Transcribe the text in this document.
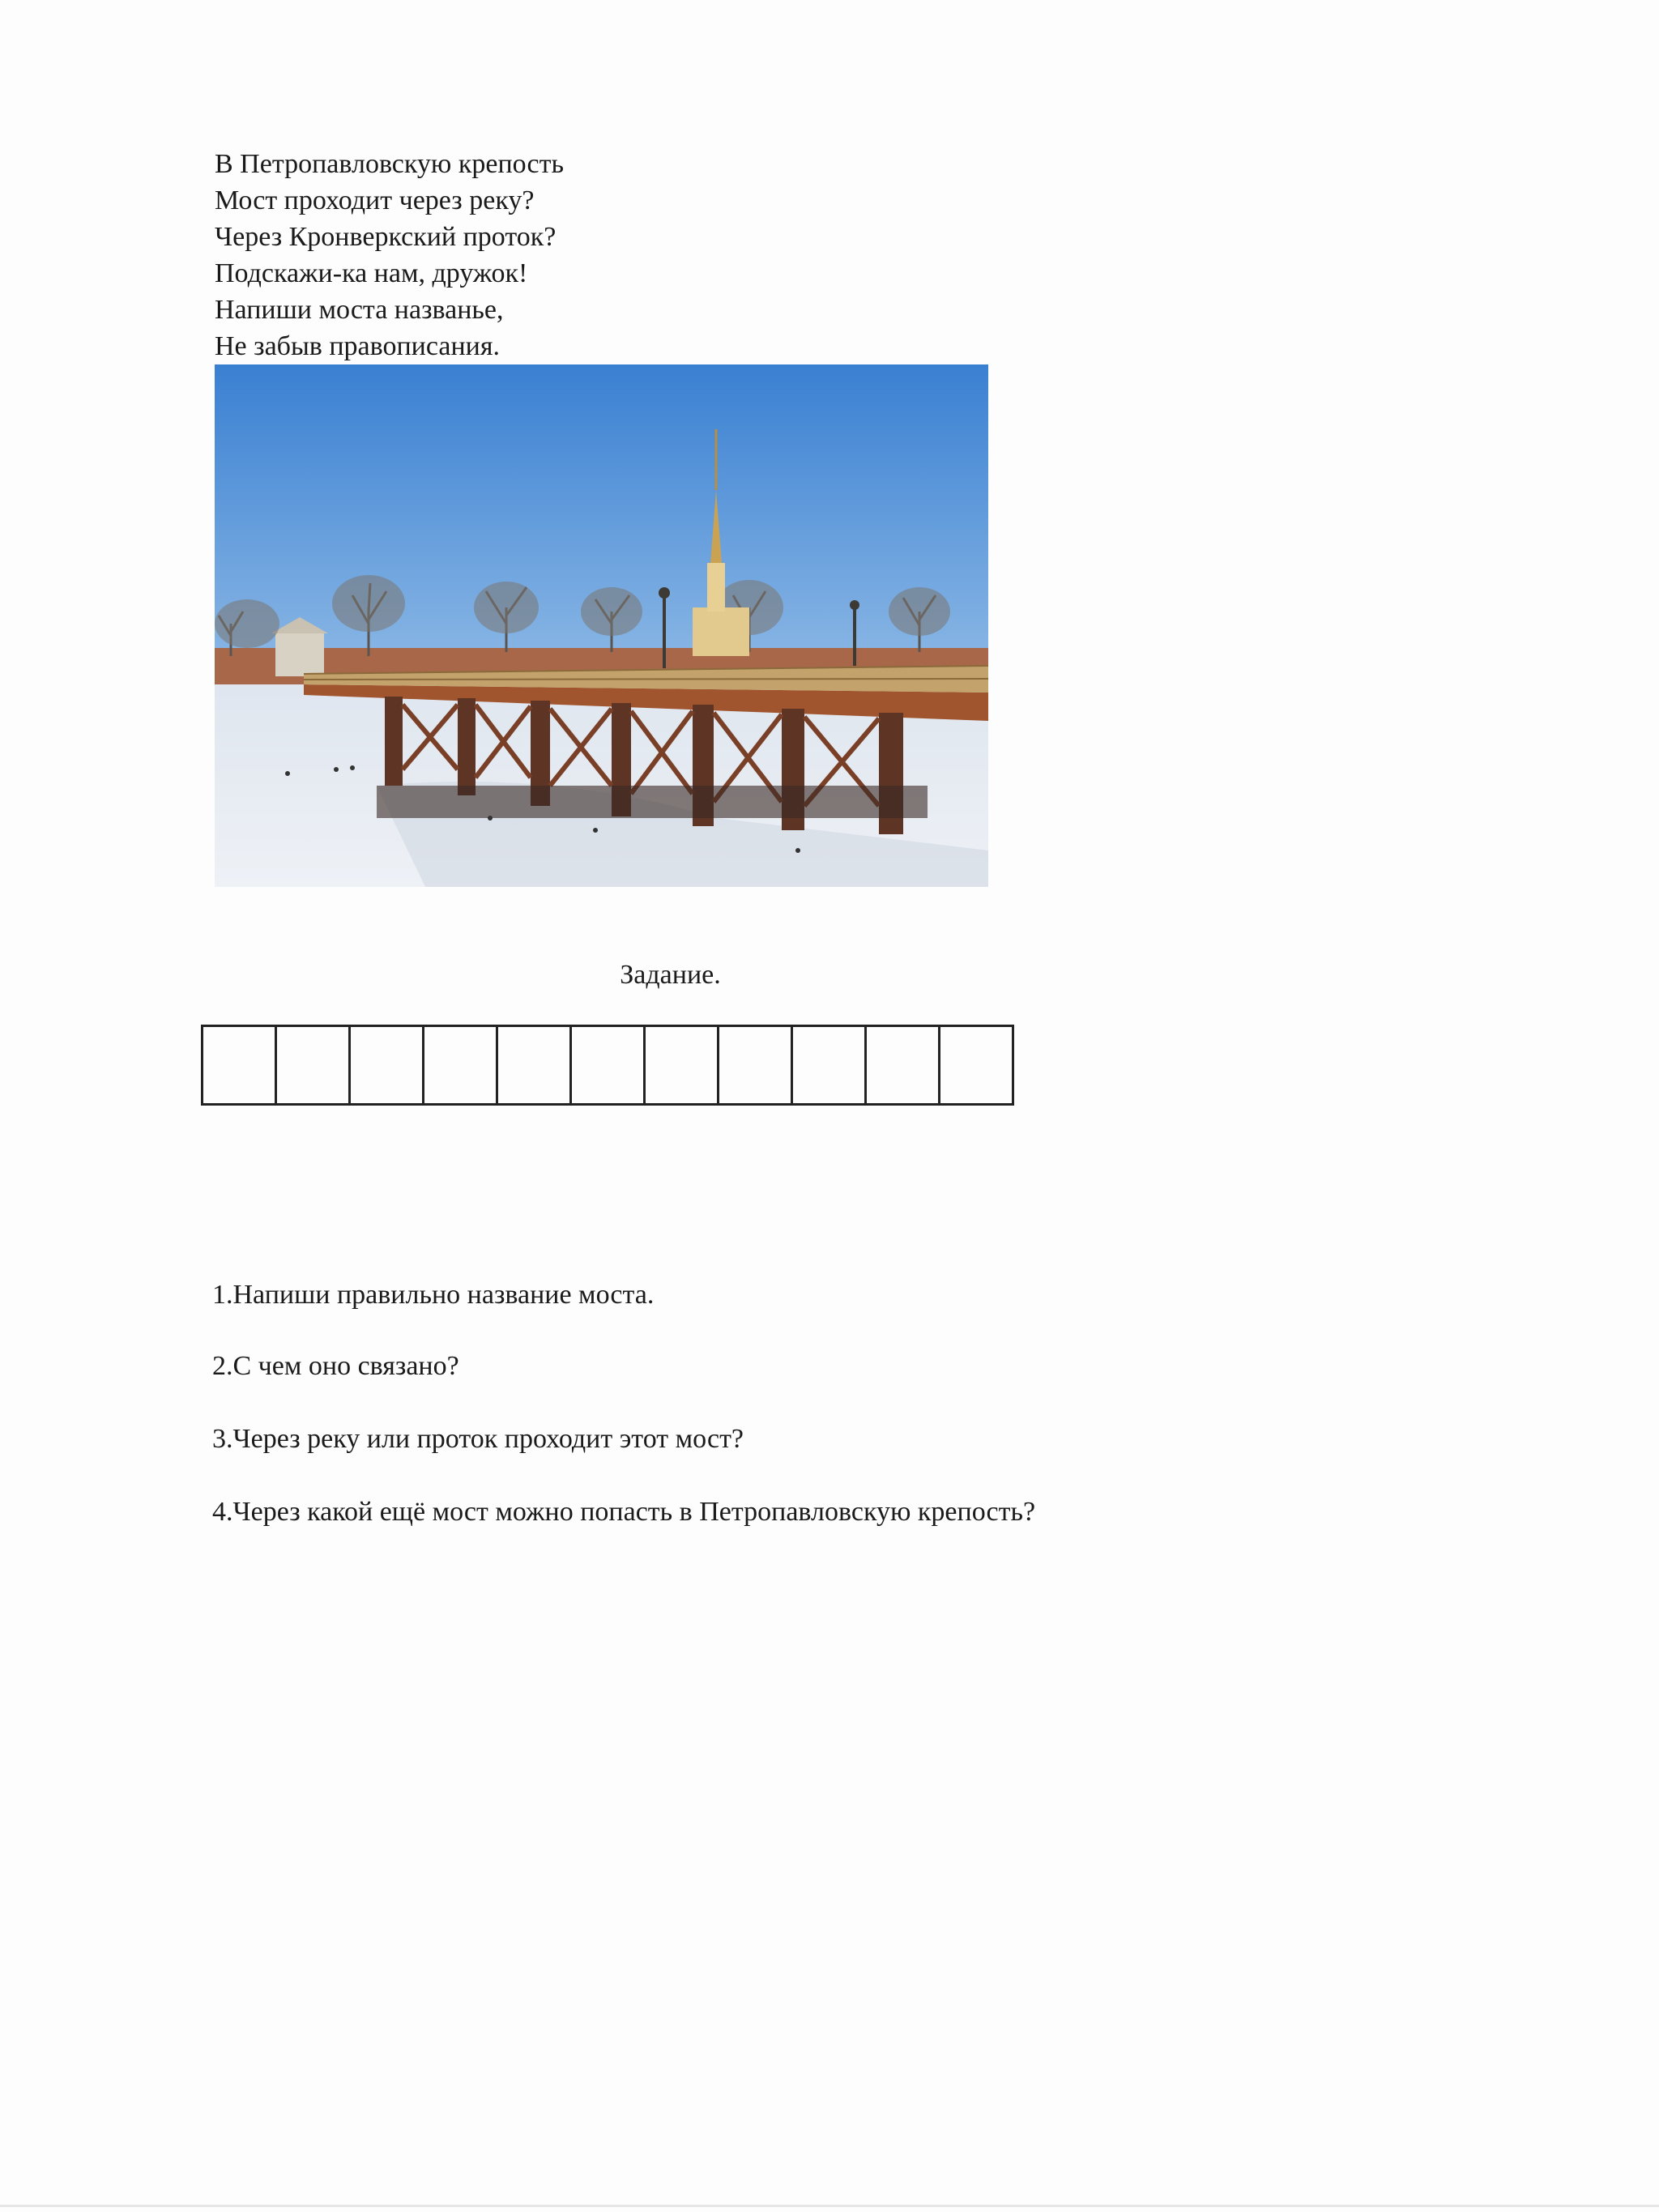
В Петропавловскую крепость
Мост проходит через реку?
Через Кронверкский проток?
Подскажи-ка нам, дружок!
Напиши моста названье,
Не забыв правописания.
Задание.
1.Напиши правильно название моста.
2.С чем оно связано?
3.Через реку или проток проходит этот мост?
4.Через какой ещё мост можно попасть в Петропавловскую крепость?
